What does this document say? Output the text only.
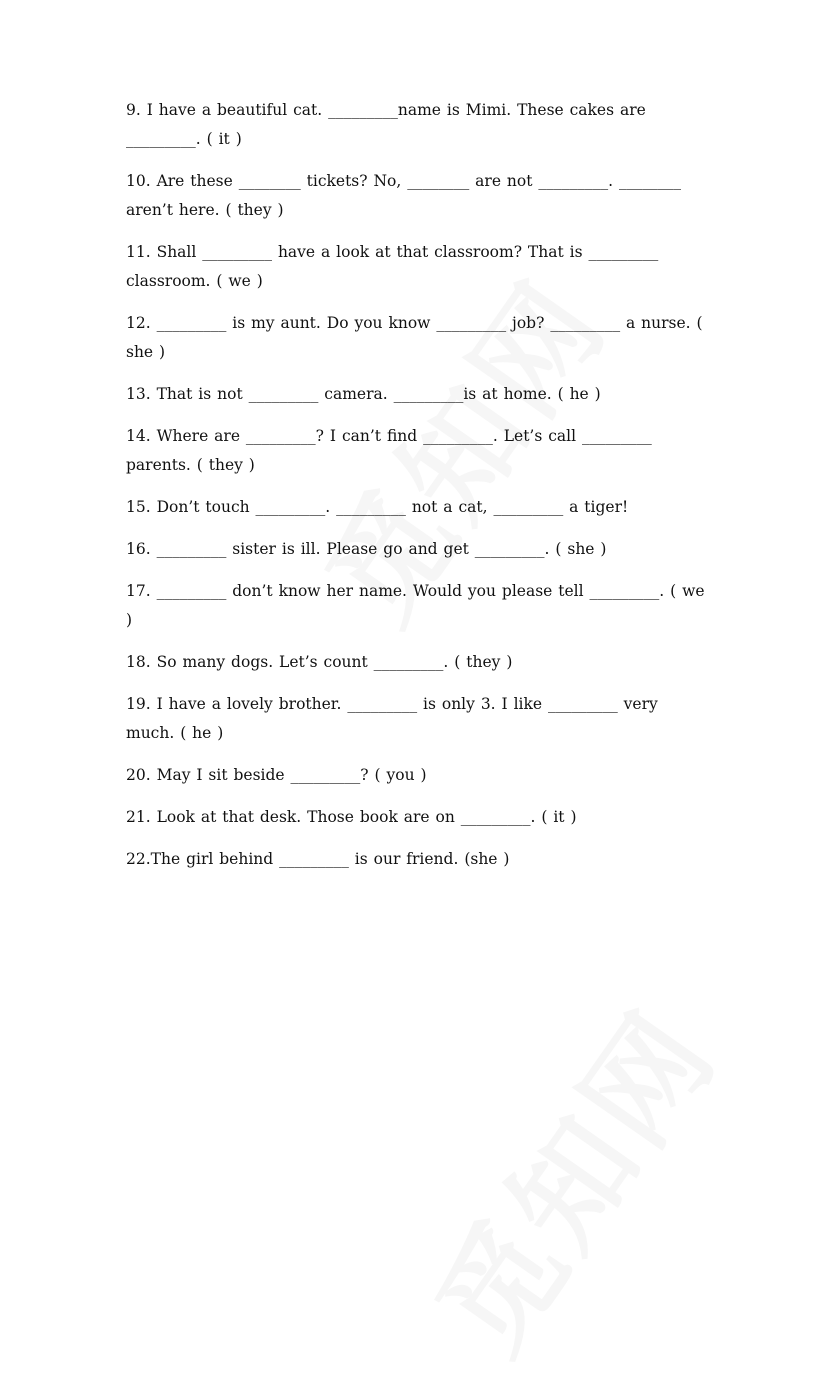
9. I have a beautiful cat. _________name is Mimi. These cakes are _________. ( it )

10. Are these ________ tickets? No, ________ are not _________. ________ aren’t here. ( they )

11. Shall _________ have a look at that classroom? That is _________ classroom. ( we )

12. _________ is my aunt. Do you know _________ job? _________ a nurse. ( she )

13. That is not _________ camera. _________is at home. ( he )

14. Where are _________? I can’t find _________. Let’s call _________ parents. ( they )

15. Don’t touch _________. _________ not a cat, _________ a tiger!

16. _________ sister is ill. Please go and get _________. ( she )

17. _________ don’t know her name. Would you please tell _________. ( we )

18. So many dogs. Let’s count _________. ( they )

19. I have a lovely brother. _________ is only 3. I like _________ very much. ( he )

20. May I sit beside _________? ( you )

21. Look at that desk. Those book are on _________. ( it )

22.The girl behind _________ is our friend. (she )
